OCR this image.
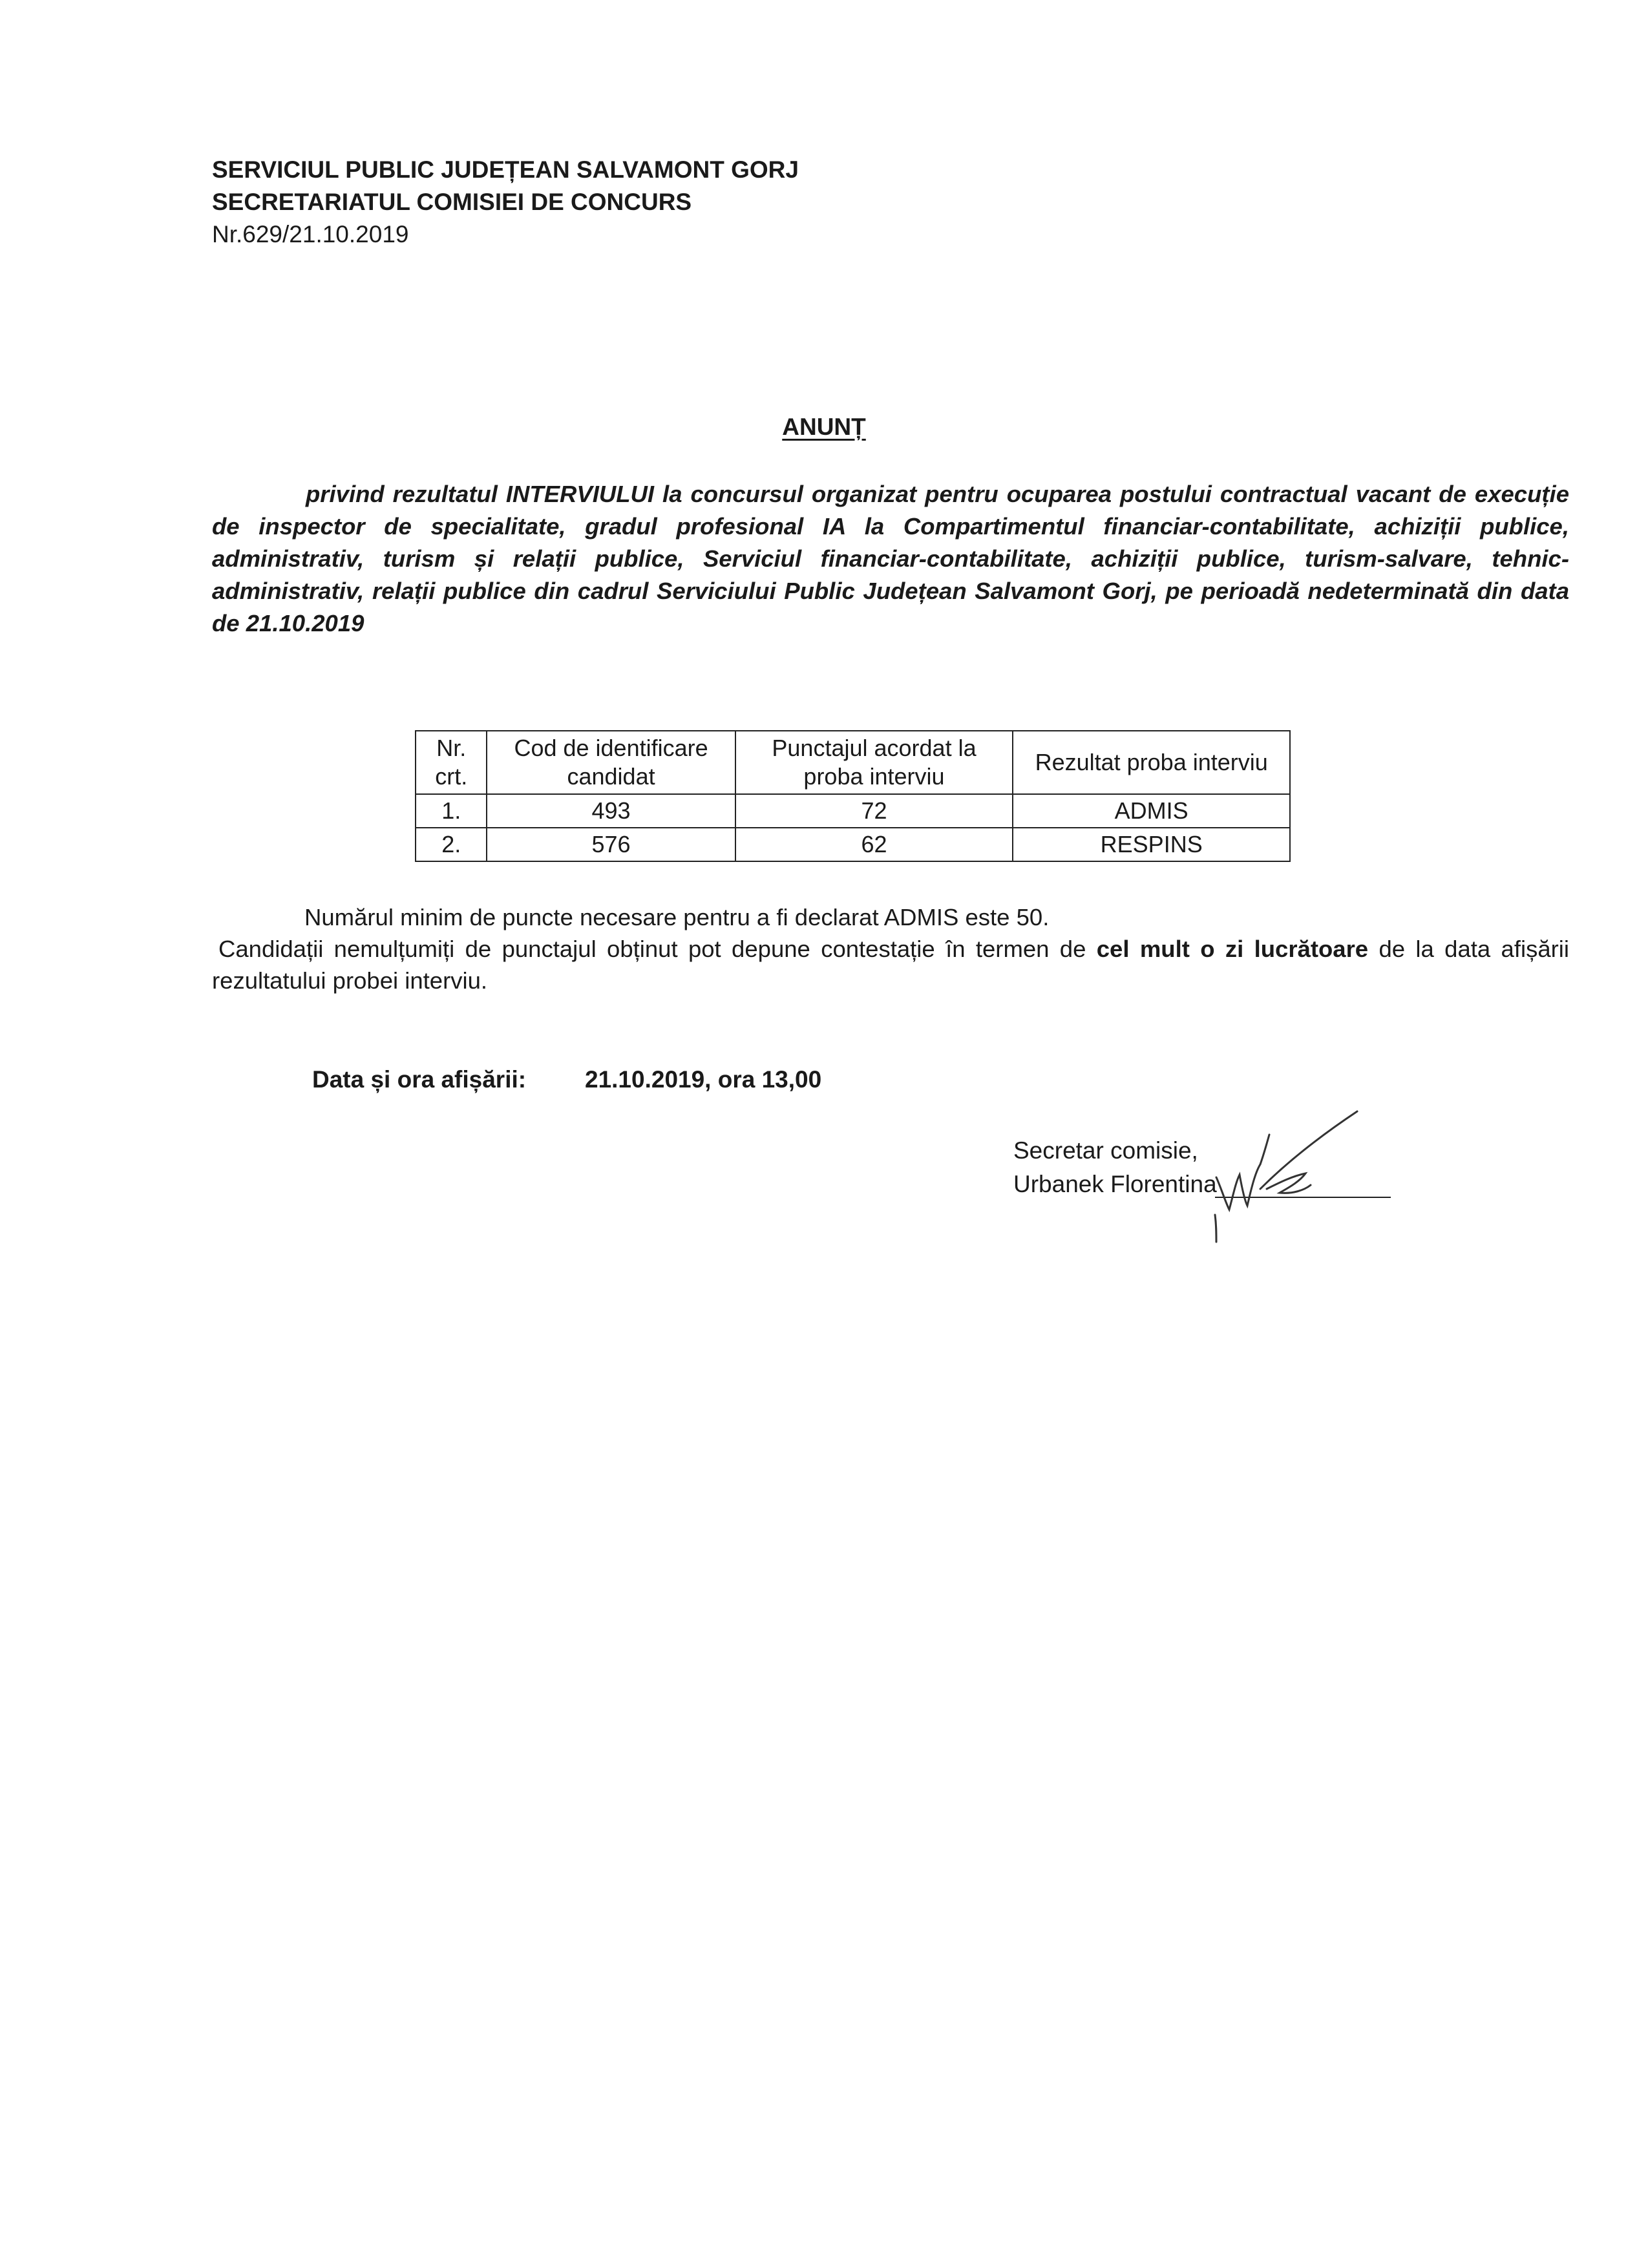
SERVICIUL PUBLIC JUDEȚEAN SALVAMONT GORJ
SECRETARIATUL COMISIEI DE CONCURS
Nr.629/21.10.2019
ANUNȚ
privind rezultatul INTERVIULUI la concursul organizat pentru ocuparea postului contractual vacant de execuție de inspector de specialitate, gradul profesional IA la Compartimentul financiar-contabilitate, achiziții publice, administrativ, turism și relații publice, Serviciul financiar-contabilitate, achiziții publice, turism-salvare, tehnic-administrativ, relații publice din cadrul Serviciului Public Județean Salvamont Gorj, pe perioadă nedeterminată din data de 21.10.2019
Nr. crt.	Cod de identificare candidat	Punctajul acordat la proba interviu	Rezultat proba interviu
1.	493	72	ADMIS
2.	576	62	RESPINS

Numărul minim de puncte necesare pentru a fi declarat ADMIS este 50.

Candidații nemulțumiți de punctajul obținut pot depune contestație în termen de cel mult o zi lucrătoare de la data afișării rezultatului probei interviu.

Data și ora afișării: 21.10.2019, ora 13,00
Secretar comisie,
Urbanek Florentina
